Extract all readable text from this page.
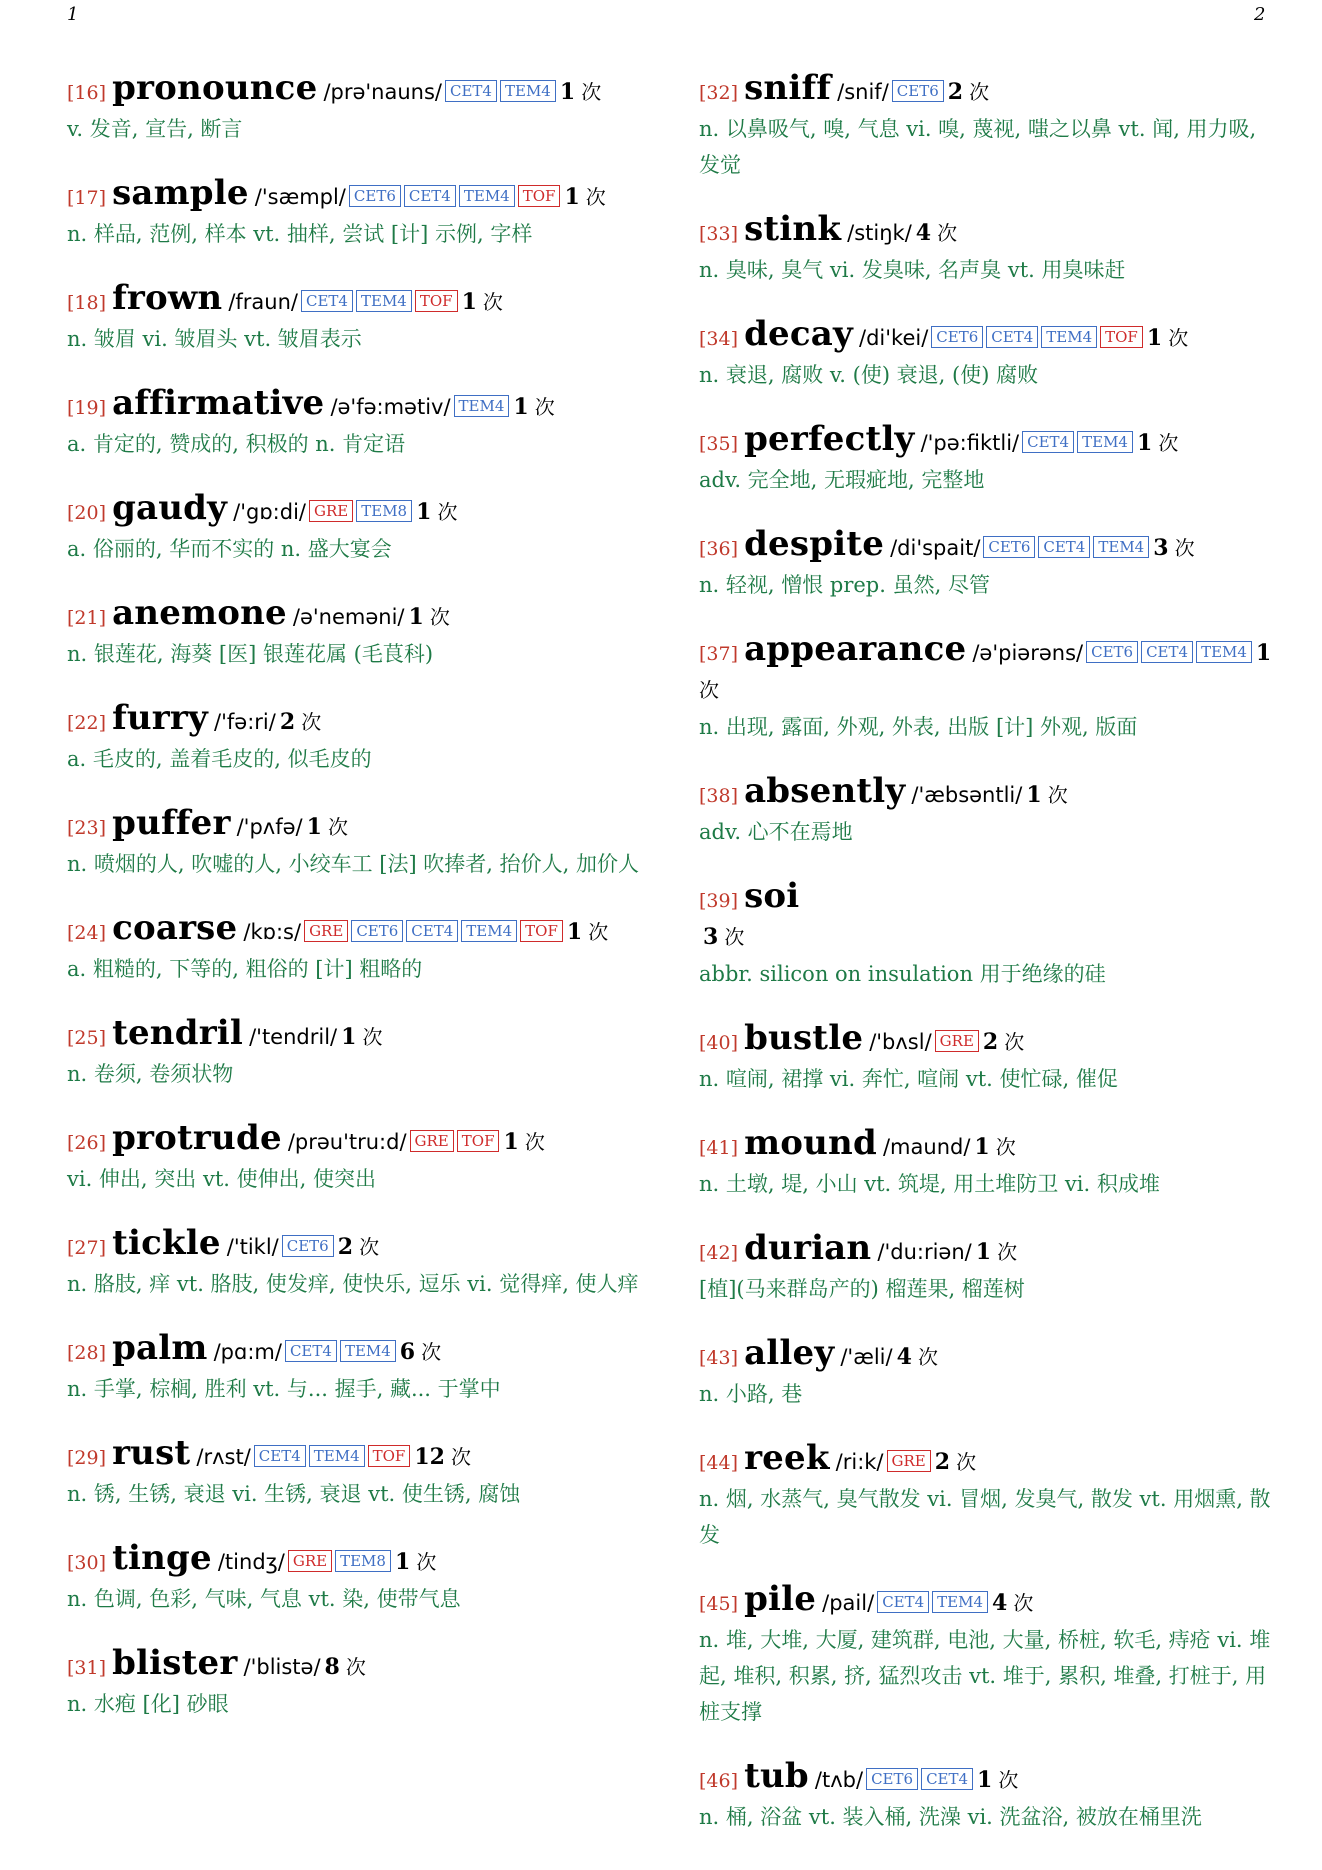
1	2
[16] pronounce /prə'nauns/ CET4 TEM4 1 次
v. 发音, 宣告, 断言
[17] sample /'sæmpl/ CET6 CET4 TEM4 TOF 1 次
n. 样品, 范例, 样本 vt. 抽样, 尝试 [计] 示例, 字样
[18] frown /fraun/ CET4 TEM4 TOF 1 次
n. 皱眉 vi. 皱眉头 vt. 皱眉表示
[19] affirmative /ə'fə:mətiv/ TEM4 1 次
a. 肯定的, 赞成的, 积极的 n. 肯定语
[20] gaudy /'gɒ:di/ GRE TEM8 1 次
a. 俗丽的, 华而不实的 n. 盛大宴会
[21] anemone /ə'neməni/ 1 次
n. 银莲花, 海葵 [医] 银莲花属 (毛茛科)
[22] furry /'fə:ri/ 2 次
a. 毛皮的, 盖着毛皮的, 似毛皮的
[23] puffer /'pʌfə/ 1 次
n. 喷烟的人, 吹嘘的人, 小绞车工 [法] 吹捧者, 抬价人, 加价人
[24] coarse /kɒ:s/ GRE CET6 CET4 TEM4 TOF 1 次
a. 粗糙的, 下等的, 粗俗的 [计] 粗略的
[25] tendril /'tendril/ 1 次
n. 卷须, 卷须状物
[26] protrude /prəu'tru:d/ GRE TOF 1 次
vi. 伸出, 突出 vt. 使伸出, 使突出
[27] tickle /'tikl/ CET6 2 次
n. 胳肢, 痒 vt. 胳肢, 使发痒, 使快乐, 逗乐 vi. 觉得痒, 使人痒
[28] palm /pɑ:m/ CET4 TEM4 6 次
n. 手掌, 棕榈, 胜利 vt. 与... 握手, 藏... 于掌中
[29] rust /rʌst/ CET4 TEM4 TOF 12 次
n. 锈, 生锈, 衰退 vi. 生锈, 衰退 vt. 使生锈, 腐蚀
[30] tinge /tindʒ/ GRE TEM8 1 次
n. 色调, 色彩, 气味, 气息 vt. 染, 使带气息
[31] blister /'blistə/ 8 次
n. 水疱 [化] 砂眼
[32] sniff /snif/ CET6 2 次
n. 以鼻吸气, 嗅, 气息 vi. 嗅, 蔑视, 嗤之以鼻 vt. 闻, 用力吸, 发觉
[33] stink /stiŋk/ 4 次
n. 臭味, 臭气 vi. 发臭味, 名声臭 vt. 用臭味赶
[34] decay /di'kei/ CET6 CET4 TEM4 TOF 1 次
n. 衰退, 腐败 v. (使) 衰退, (使) 腐败
[35] perfectly /'pə:fiktli/ CET4 TEM4 1 次
adv. 完全地, 无瑕疵地, 完整地
[36] despite /di'spait/ CET6 CET4 TEM4 3 次
n. 轻视, 憎恨 prep. 虽然, 尽管
[37] appearance /ə'piərəns/ CET6 CET4 TEM4 1 次
n. 出现, 露面, 外观, 外表, 出版 [计] 外观, 版面
[38] absently /'æbsəntli/ 1 次
adv. 心不在焉地
[39] soi
3 次
abbr. silicon on insulation 用于绝缘的硅
[40] bustle /'bʌsl/ GRE 2 次
n. 喧闹, 裙撑 vi. 奔忙, 喧闹 vt. 使忙碌, 催促
[41] mound /maund/ 1 次
n. 土墩, 堤, 小山 vt. 筑堤, 用土堆防卫 vi. 积成堆
[42] durian /'du:riən/ 1 次
[植](马来群岛产的) 榴莲果, 榴莲树
[43] alley /'æli/ 4 次
n. 小路, 巷
[44] reek /ri:k/ GRE 2 次
n. 烟, 水蒸气, 臭气散发 vi. 冒烟, 发臭气, 散发 vt. 用烟熏, 散发
[45] pile /pail/ CET4 TEM4 4 次
n. 堆, 大堆, 大厦, 建筑群, 电池, 大量, 桥桩, 软毛, 痔疮 vi. 堆起, 堆积, 积累, 挤, 猛烈攻击 vt. 堆于, 累积, 堆叠, 打桩于, 用桩支撑
[46] tub /tʌb/ CET6 CET4 1 次
n. 桶, 浴盆 vt. 装入桶, 洗澡 vi. 洗盆浴, 被放在桶里洗
